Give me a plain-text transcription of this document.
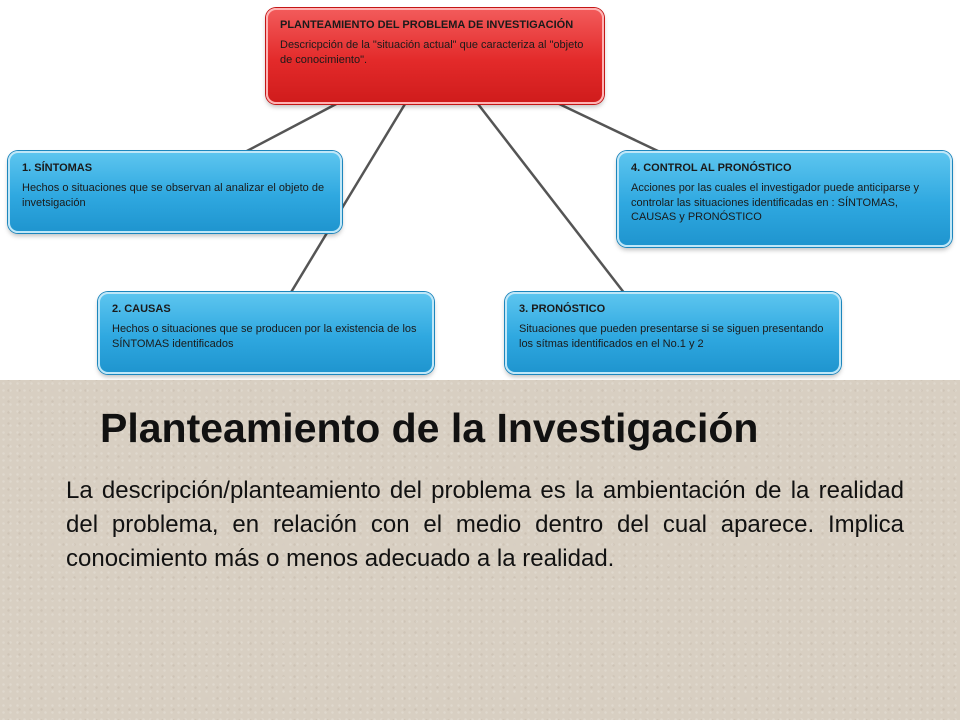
PLANTEAMIENTO DEL PROBLEMA DE INVESTIGACIÓN
Descricpción de la "situación actual" que caracteriza al "objeto de conocimiento".
1. SÍNTOMAS
Hechos o situaciones que se observan al analizar el objeto de invetsigación
4. CONTROL AL PRONÓSTICO
Acciones por las cuales el investigador puede anticiparse y controlar las situaciones identificadas en : SÍNTOMAS, CAUSAS y PRONÓSTICO
2. CAUSAS
Hechos o situaciones que se producen por la existencia de los SÍNTOMAS identificados
3. PRONÓSTICO
Situaciones que pueden presentarse si se siguen presentando los sítmas identificados en el No.1 y 2
Planteamiento de la Investigación

La descripción/planteamiento del problema es la ambientación de la realidad del problema, en relación con el medio dentro del cual aparece. Implica conocimiento más o menos adecuado a la realidad.
